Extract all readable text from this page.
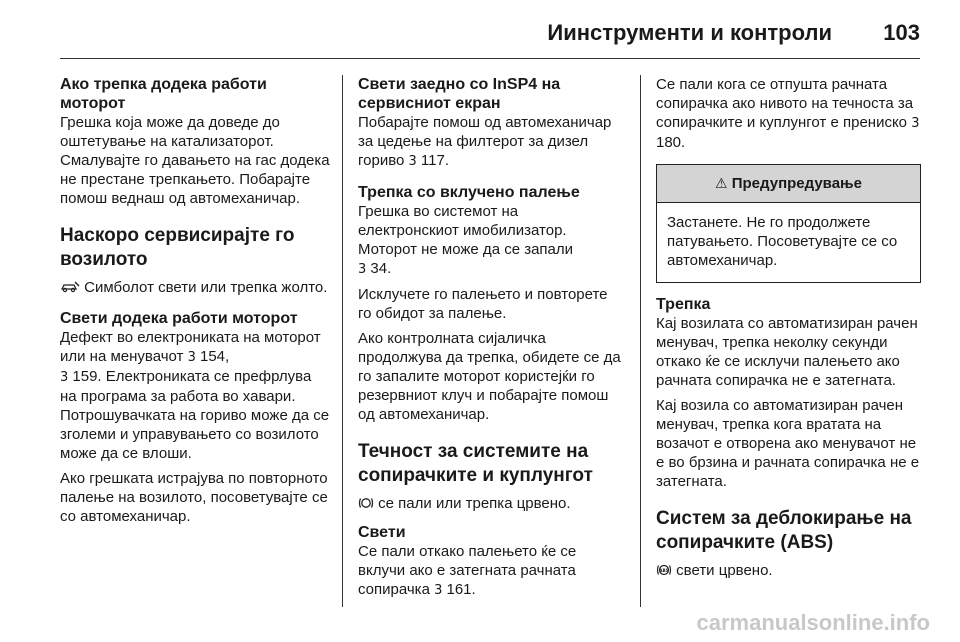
Иинструменти и контроли 103
Ако трепка додека работи моторот
Грешка која може да доведе до оштетување на катализаторот. Смалувајте го давањето на гас додека не престане трепкањето. Побарајте помош веднаш од автомеханичар.
Наскоро сервисирајте го возилото
Симболот свети или трепка жолто.
Свети додека работи моторот
Дефект во електрониката на моторот или на менувачот 3 154,
3 159. Електрониката се префрлува на програма за работа во хавари. Потрошувачката на гориво може да се зголеми и управувањето со возилото може да се влоши.
Ако грешката истрајува по повторното палење на возилото, посоветувајте се со автомеханичар.
Свети заедно со InSP4 на сервисниот екран
Побарајте помош од автомеханичар за цедење на филтерот за дизел гориво 3 117.
Трепка со вклучено палење
Грешка во системот на електронскиот имобилизатор. Моторот не може да се запали
3 34.
Исклучете го палењето и повторете го обидот за палење.
Ако контролната сијаличка продолжува да трепка, обидете се да го запалите моторот користејќи го резервниот клуч и побарајте помош од автомеханичар.
Течност за системите на сопирачките и куплунгот
се пали или трепка црвено.
Свети
Се пали откако палењето ќе се вклучи ако е затегната рачната сопирачка 3 161.
Се пали кога се отпушта рачната сопирачка ако нивото на течноста за сопирачките и куплунгот е прениско 3 180.
⚠ Предупредување
Застанете. Не го продолжете патувањето. Посоветувајте се со автомеханичар.
Трепка
Кај возилата со автоматизиран рачен менувач, трепка неколку секунди откако ќе се исклучи палењето ако рачната сопирачка не е затегната.
Кај возила со автоматизиран рачен менувач, трепка кога вратата на возачот е отворена ако менувачот не е во брзина и рачната сопирачка не е затегната.
Систем за деблокирање на сопирачките (ABS)
ABS свети црвено.
carmanualsonline.info
